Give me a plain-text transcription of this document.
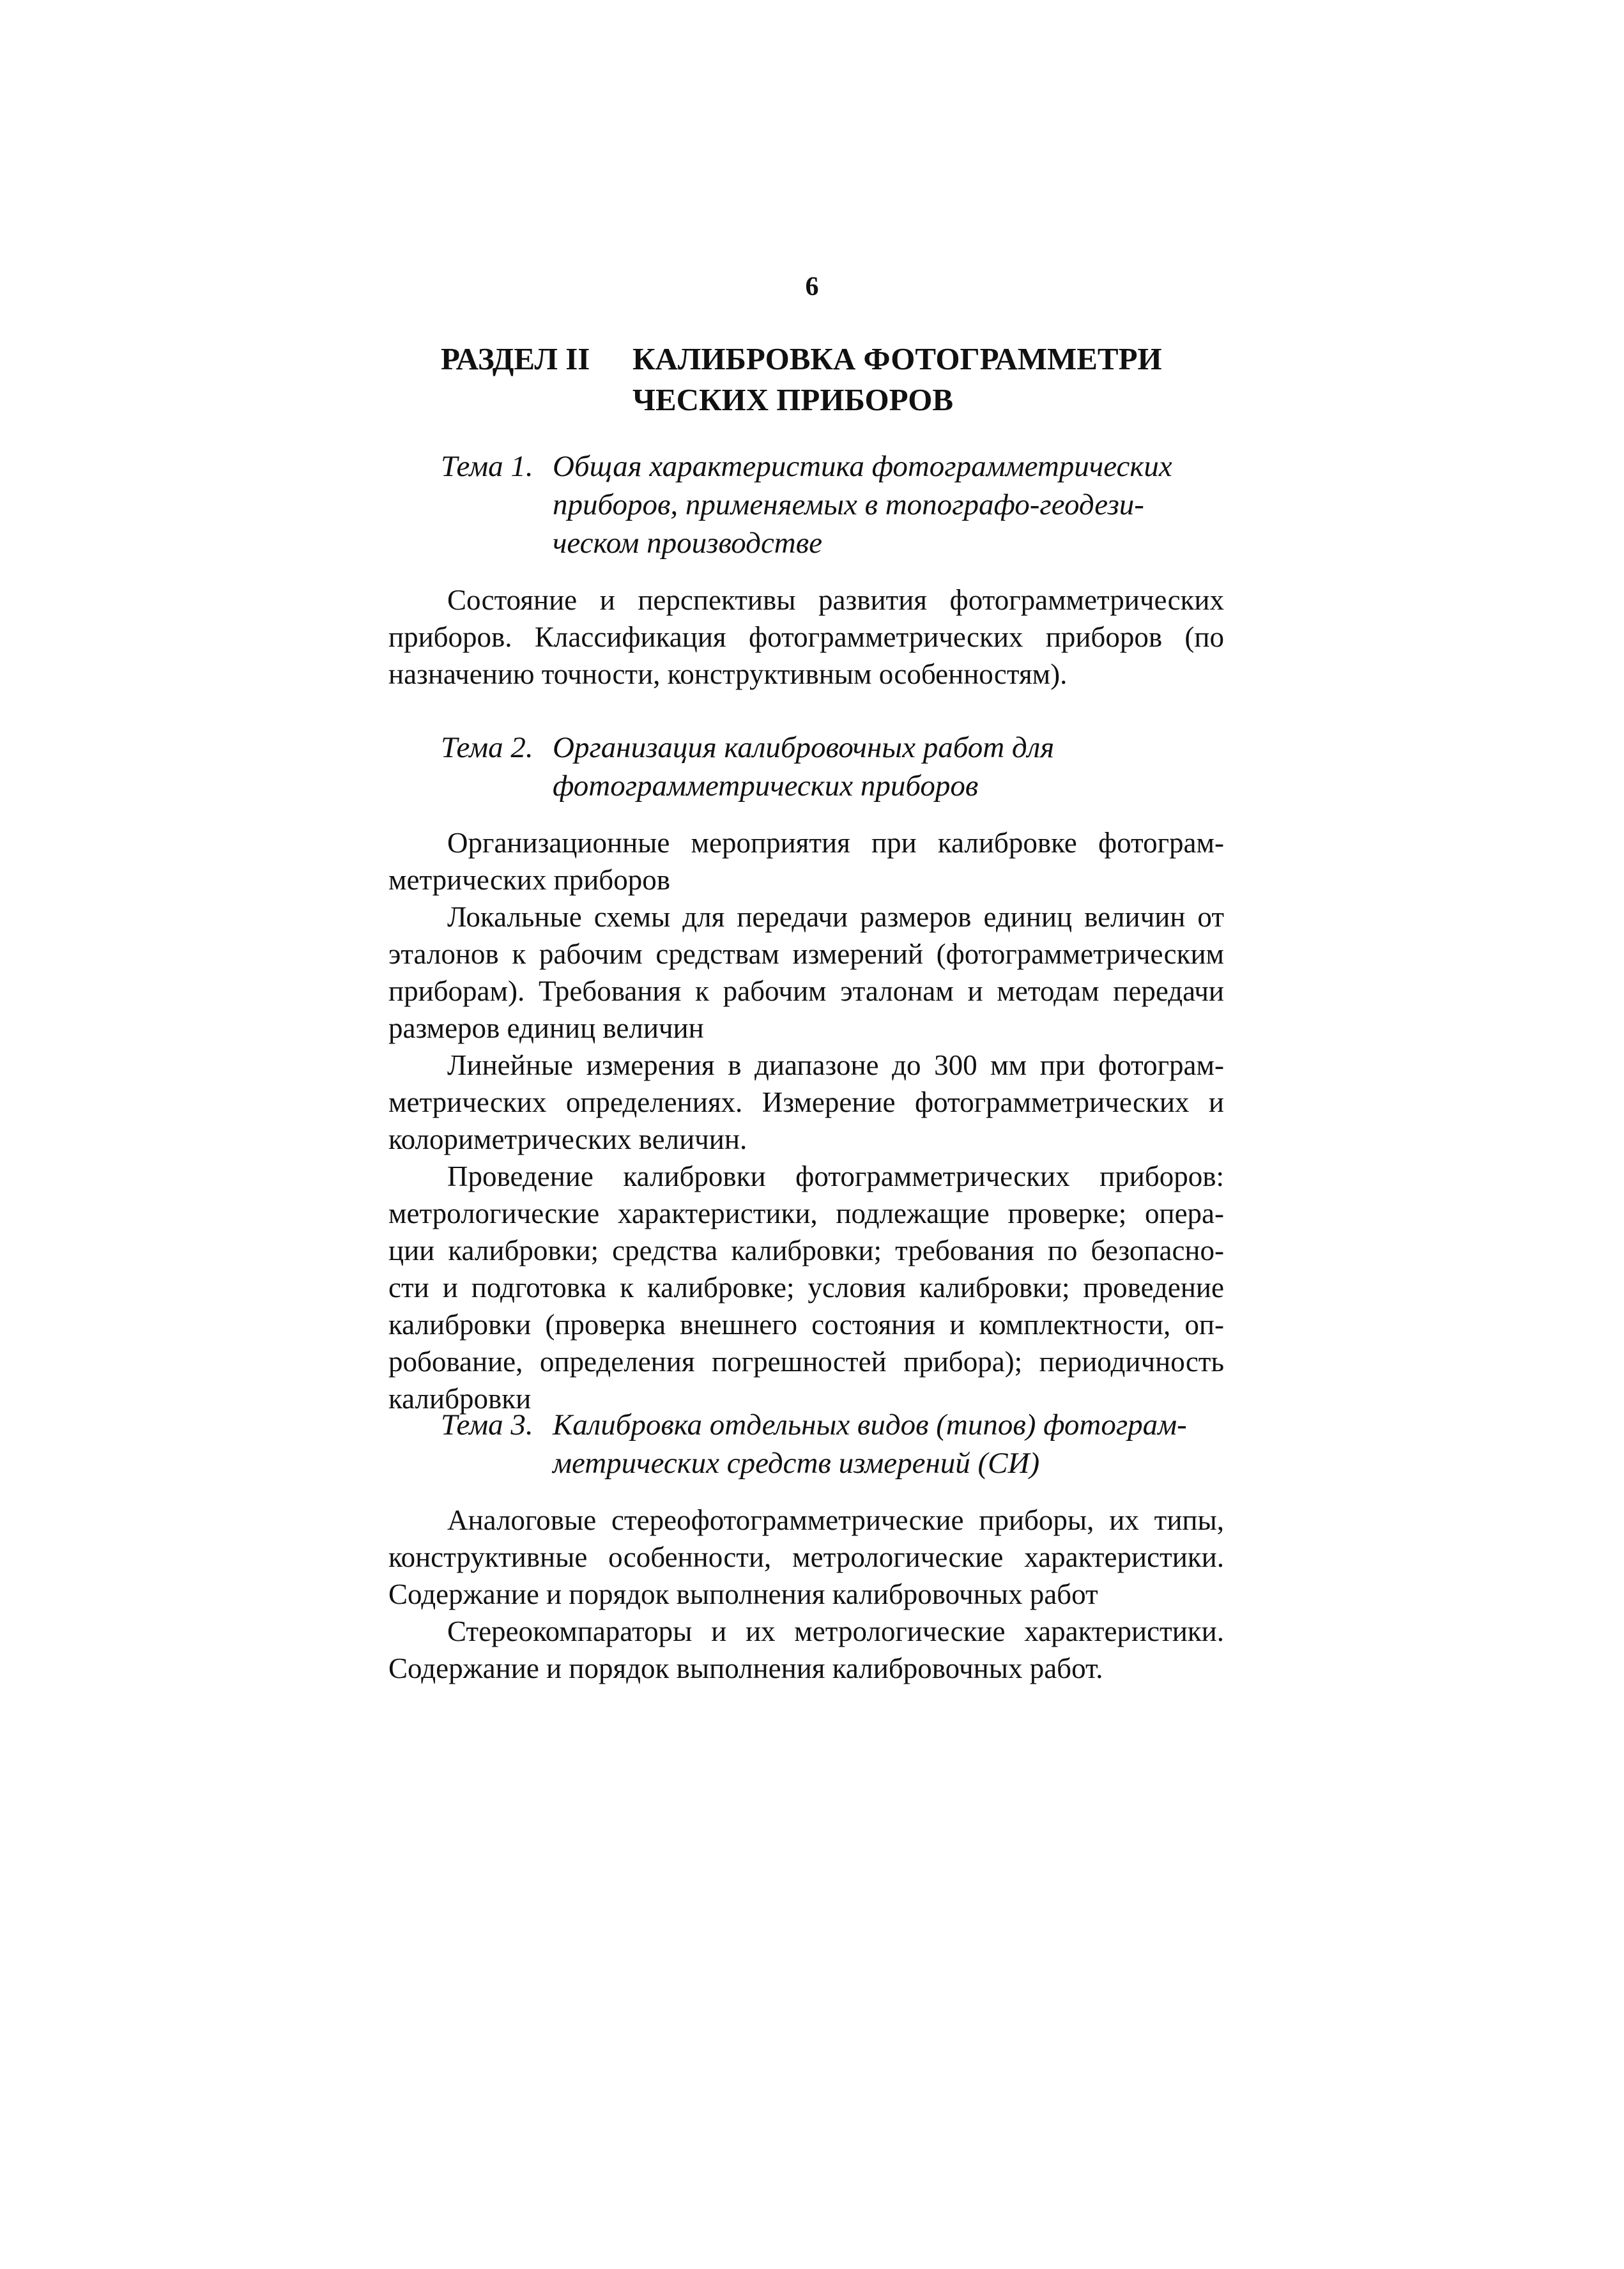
6
РАЗДЕЛ II КАЛИБРОВКА ФОТОГРАММЕТРИ
ЧЕСКИХ ПРИБОРОВ
Тема 1. Общая характеристика фотограмметрических
приборов, применяемых в топографо-геодези-
ческом производстве

Состояние и перспективы развития фотограмметрических
приборов. Классификация фотограмметрических приборов (по
назначению точности, конструктивным особенностям).

Тема 2. Организация калибровочных работ для
фотограмметрических приборов

Организационные мероприятия при калибровке фотограм-
метрических приборов

Локальные схемы для передачи размеров единиц величин от
эталонов к рабочим средствам измерений (фотограмметрическим
приборам). Требования к рабочим эталонам и методам передачи
размеров единиц величин

Линейные измерения в диапазоне до 300 мм при фотограм-
метрических определениях. Измерение фотограмметрических и
колориметрических величин.

Проведение калибровки фотограмметрических приборов:
метрологические характеристики, подлежащие проверке; опера-
ции калибровки; средства калибровки; требования по безопасно-
сти и подготовка к калибровке; условия калибровки; проведение
калибровки (проверка внешнего состояния и комплектности, оп-
робование, определения погрешностей прибора); периодичность
калибровки

Тема 3. Калибровка отдельных видов (типов) фотограм-
метрических средств измерений (СИ)

Аналоговые стереофотограмметрические приборы, их типы,
конструктивные особенности, метрологические характеристики.
Содержание и порядок выполнения калибровочных работ

Стереокомпараторы и их метрологические характеристики.
Содержание и порядок выполнения калибровочных работ.
